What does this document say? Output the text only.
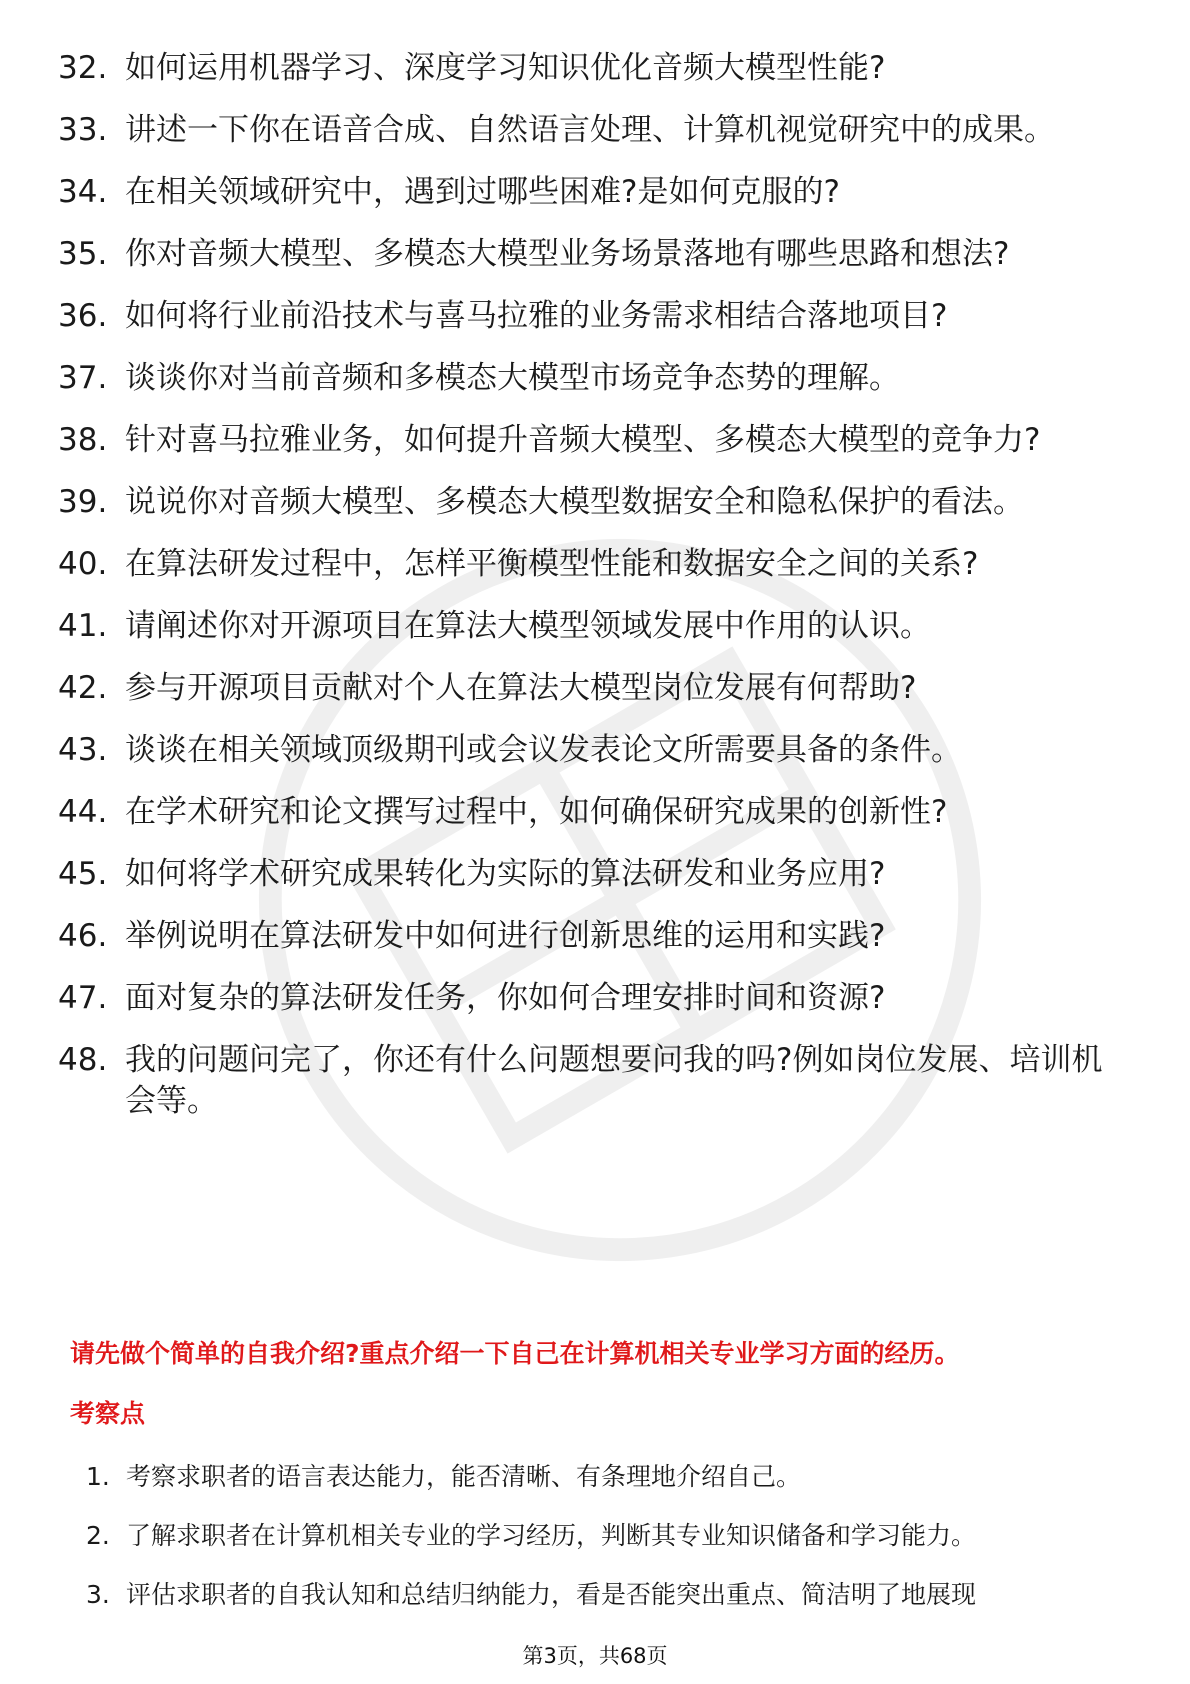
32. 如何运用机器学习、深度学习知识优化音频大模型性能?
33. 讲述一下你在语音合成、自然语言处理、计算机视觉研究中的成果。
34. 在相关领域研究中，遇到过哪些困难?是如何克服的?
35. 你对音频大模型、多模态大模型业务场景落地有哪些思路和想法?
36. 如何将行业前沿技术与喜马拉雅的业务需求相结合落地项目?
37. 谈谈你对当前音频和多模态大模型市场竞争态势的理解。
38. 针对喜马拉雅业务，如何提升音频大模型、多模态大模型的竞争力?
39. 说说你对音频大模型、多模态大模型数据安全和隐私保护的看法。
40. 在算法研发过程中，怎样平衡模型性能和数据安全之间的关系?
41. 请阐述你对开源项目在算法大模型领域发展中作用的认识。
42. 参与开源项目贡献对个人在算法大模型岗位发展有何帮助?
43. 谈谈在相关领域顶级期刊或会议发表论文所需要具备的条件。
44. 在学术研究和论文撰写过程中，如何确保研究成果的创新性?
45. 如何将学术研究成果转化为实际的算法研发和业务应用?
46. 举例说明在算法研发中如何进行创新思维的运用和实践?
47. 面对复杂的算法研发任务，你如何合理安排时间和资源?
48. 我的问题问完了，你还有什么问题想要问我的吗?例如岗位发展、培训机会等。
请先做个简单的自我介绍?重点介绍一下自己在计算机相关专业学习方面的经历。
考察点
1. 考察求职者的语言表达能力，能否清晰、有条理地介绍自己。
2. 了解求职者在计算机相关专业的学习经历，判断其专业知识储备和学习能力。
3. 评估求职者的自我认知和总结归纳能力，看是否能突出重点、简洁明了地展现
第3页，共68页
